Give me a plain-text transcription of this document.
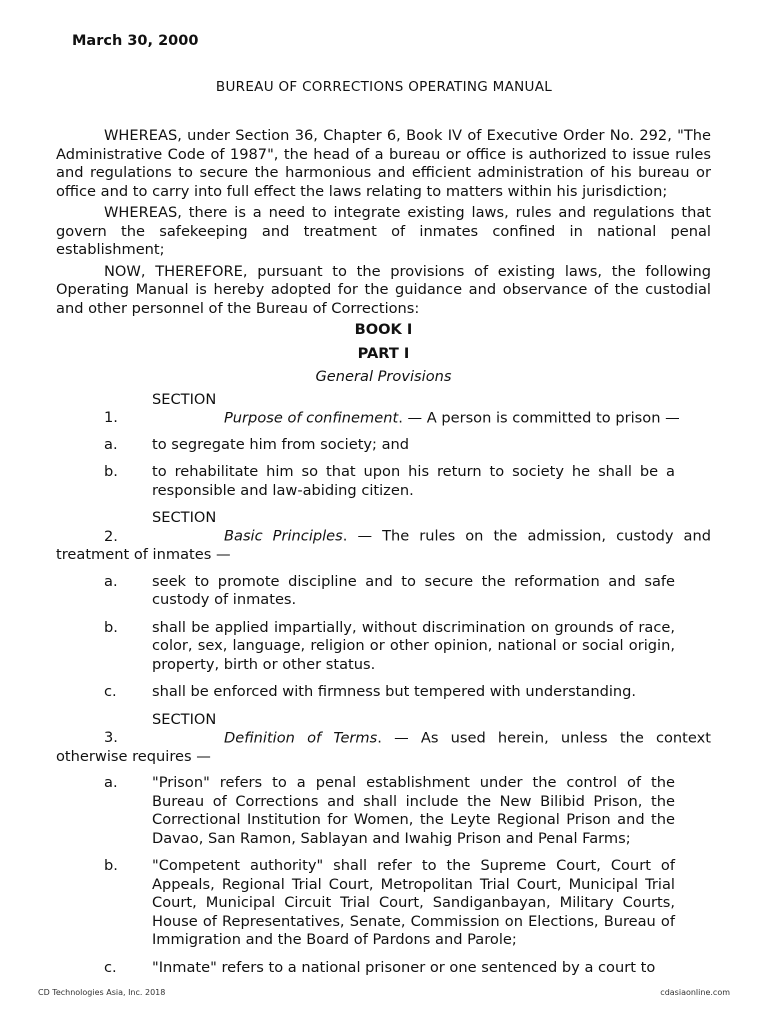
March 30, 2000
BUREAU OF CORRECTIONS OPERATING MANUAL

WHEREAS, under Section 36, Chapter 6, Book IV of Executive Order No. 292, "The Administrative Code of 1987", the head of a bureau or office is authorized to issue rules and regulations to secure the harmonious and efficient administration of his bureau or office and to carry into full effect the laws relating to matters within his jurisdiction;

WHEREAS, there is a need to integrate existing laws, rules and regulations that govern the safekeeping and treatment of inmates confined in national penal establishment;

NOW, THEREFORE, pursuant to the provisions of existing laws, the following Operating Manual is hereby adopted for the guidance and observance of the custodial and other personnel of the Bureau of Corrections:

BOOK I
PART I
General Provisions

SECTION 1.	Purpose of confinement. — A person is committed to prison —

a. to segregate him from society; and
b. to rehabilitate him so that upon his return to society he shall be a responsible and law-abiding citizen.

SECTION 2.	Basic Principles. — The rules on the admission, custody and treatment of inmates —

a. seek to promote discipline and to secure the reformation and safe custody of inmates.
b. shall be applied impartially, without discrimination on grounds of race, color, sex, language, religion or other opinion, national or social origin, property, birth or other status.
c. shall be enforced with firmness but tempered with understanding.

SECTION 3.	Definition of Terms. — As used herein, unless the context otherwise requires —

a. "Prison" refers to a penal establishment under the control of the Bureau of Corrections and shall include the New Bilibid Prison, the Correctional Institution for Women, the Leyte Regional Prison and the Davao, San Ramon, Sablayan and Iwahig Prison and Penal Farms;
b. "Competent authority" shall refer to the Supreme Court, Court of Appeals, Regional Trial Court, Metropolitan Trial Court, Municipal Trial Court, Municipal Circuit Trial Court, Sandiganbayan, Military Courts, House of Representatives, Senate, Commission on Elections, Bureau of Immigration and the Board of Pardons and Parole;
c. "Inmate" refers to a national prisoner or one sentenced by a court to
CD Technologies Asia, Inc. 2018	cdasiaonline.com
